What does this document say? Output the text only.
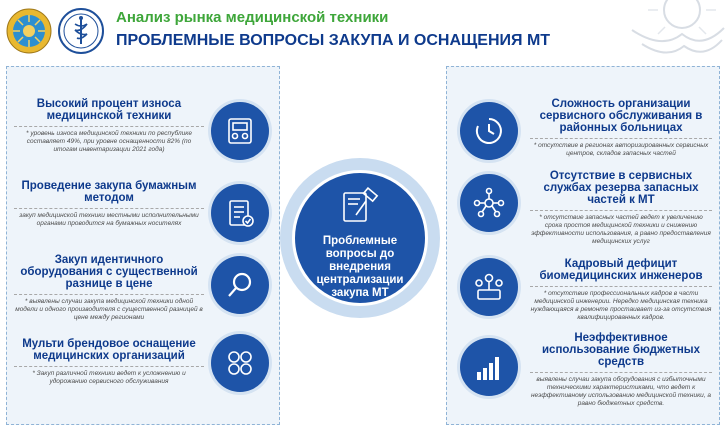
Анализ рынка медицинской техники
ПРОБЛЕМНЫЕ ВОПРОСЫ ЗАКУПА И ОСНАЩЕНИЯ МТ
Высокий процент износа медицинской техники
* уровень износа медицинской техники по республике составляет 49%, при уровне оснащенности 82% (по итогам инвентаризации 2021 года)
Проведение закупа бумажным методом
закуп медицинской техники местными исполнительными органами проводится на бумажных носителях
Закуп идентичного оборудования с существенной разнице в цене
* выявлены случаи закупа медицинской техники одной модели и одного производителя с существенной разницей в цене между регионами
Мульти брендовое оснащение медицинских организаций
* Закуп различной техники ведет к усложнению и удорожанию сервисного обслуживания
Проблемные вопросы до внедрения централизации закупа МТ
Сложность организации сервисного обслуживания в районных больницах
* отсутствие в регионах авторизированных сервисных центров, складов запасных частей
Отсутствие в сервисных службах резерва запасных частей к МТ
* отсутствие запасных частей ведет к увеличению срока простоя медицинской техники и снижению эффективности использования, а равно предоставления медицинских услуг
Кадровый дефицит биомедицинских инженеров
* отсутствие профессиональных кадров в части медицинской инженерии. Нередко медицинская техника нуждающаяся в ремонте простаивает из-за отсутствия квалифицированных кадров.
Неэффективное использование бюджетных средств
выявлены случаи закупа оборудования с избыточными техническими характеристиками, что ведет к неэффективному использованию медицинской техники, а равно бюджетных средств.
